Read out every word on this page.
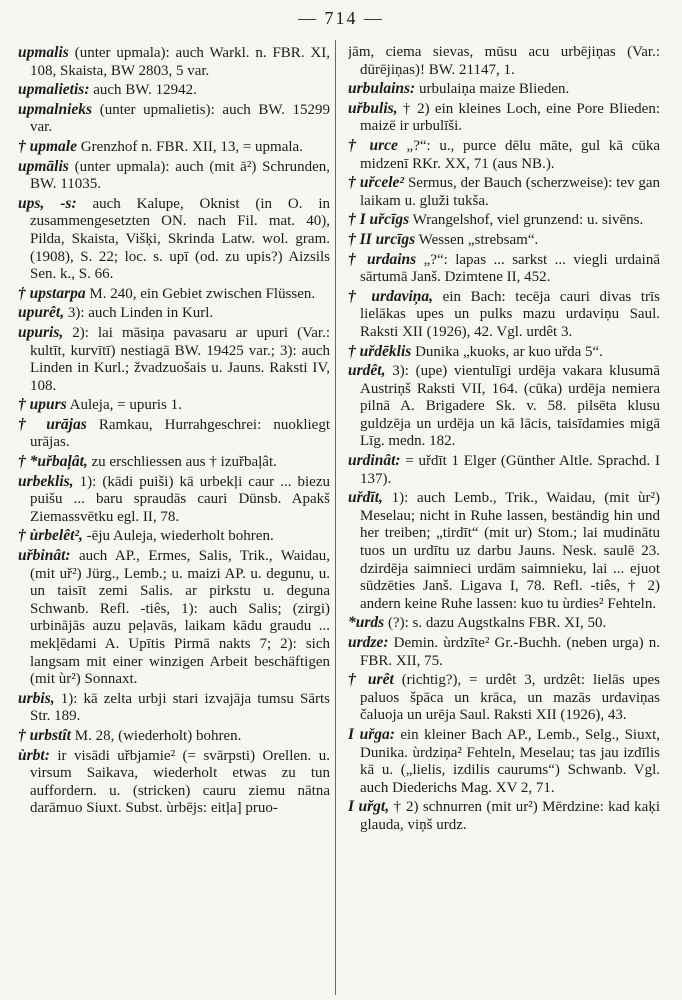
— 714 —

upmalis (unter upmala): auch Warkl. n. FBR. XI, 108, Skaista, BW 2803, 5 var.

upmalietis: auch BW. 12942.

upmalnieks (unter upmalietis): auch BW. 15299 var.

† upmale Grenzhof n. FBR. XII, 13, = upmala.

upmālis (unter upmala): auch (mit ā²) Schrunden, BW. 11035.

ups, -s: auch Kalupe, Oknist (in O. in zusammengesetzten ON. nach Fil. mat. 40), Pilda, Skaista, Višķi, Skrinda Latw. wol. gram. (1908), S. 22; loc. s. upī (od. zu upis?) Aizsils Sen. k., S. 66.

† upstarpa M. 240, ein Gebiet zwischen Flüssen.

upurêt, 3): auch Linden in Kurl.

upuris, 2): lai māsiņa pavasaru ar upuri (Var.: kultīt, kurvītī) nestiagā BW. 19425 var.; 3): auch Linden in Kurl.; žvadzuošais u. Jauns. Raksti IV, 108.

† upurs Auleja, = upuris 1.

† urājas Ramkau, Hurrahgeschrei: nuokliegt urājas.

† *uřbaļât, zu erschliessen aus † izuřbaļât.

urbeklis, 1): (kādi puiši) kā urbekļi caur ... biezu puišu ... baru spraudās cauri Dünsb. Apakš Ziemassvētku egl. II, 78.

† ùrbelêt², -ēju Auleja, wiederholt bohren.

uřbinât: auch AP., Ermes, Salis, Trik., Waidau, (mit uř²) Jürg., Lemb.; u. maizi AP. u. degunu, u. un taisīt zemi Salis. ar pirkstu u. deguna Schwanb. Refl. -tiês, 1): auch Salis; (zirgi) urbinājās auzu peļavās, laikam kādu graudu ... mekļēdami A. Upītis Pirmā nakts 7; 2): sich langsam mit einer winzigen Arbeit beschäftigen (mit ùr²) Sonnaxt.

urbis, 1): kā zelta urbji stari izvajāja tumsu Sārts Str. 189.

† urbstît M. 28, (wiederholt) bohren.

ùrbt: ir visādi uřbjamie² (= svārpsti) Orellen. u. virsum Saikava, wiederholt etwas zu tun auffordern. u. (stricken) cauru ziemu nātna darāmuo Siuxt. Subst. ùrbējs: eitļa] pruo-

jām, ciema sievas, mūsu acu urbējiņas (Var.: dūrējiņas)! BW. 21147, 1.

urbulains: urbulaiņa maize Blieden.

uřbulis, † 2) ein kleines Loch, eine Pore Blieden: maizē ir urbulīši.

† urce „?“: u., purce dēlu māte, gul kā cūka midzenī RKr. XX, 71 (aus NB.).

† uřcele² Sermus, der Bauch (scherzweise): tev gan laikam u. gluži tukša.

† I uřcīgs Wrangelshof, viel grunzend: u. sivēns.

† II urcīgs Wessen „strebsam“.

† urdains „?“: lapas ... sarkst ... viegli urdainā sārtumā Janš. Dzimtene II, 452.

† urdaviņa, ein Bach: tecēja cauri divas trīs lielākas upes un pulks mazu urdaviņu Saul. Raksti XII (1926), 42. Vgl. urdêt 3.

† uřdēklis Dunika „kuoks, ar kuo uřda 5“.

urdêt, 3): (upe) vientulīgi urdēja vakara klusumā Austriņš Raksti VII, 164. (cūka) urdēja nemiera pilnā A. Brigadere Sk. v. 58. pilsēta klusu guldzēja un urdēja un kā lācis, taisīdamies migā Līg. medn. 182.

urdinât: = uřdīt 1 Elger (Günther Altle. Sprachd. I 137).

uřdīt, 1): auch Lemb., Trik., Waidau, (mit ùr²) Meselau; nicht in Ruhe lassen, beständig hin und her treiben; „tirdīt“ (mit ur) Stom.; lai mudinātu tuos un urdītu uz darbu Jauns. Nesk. saulē 23. dzirdēja saimnieci urdām saimnieku, lai ... ejuot sūdzēties Janš. Ligava I, 78. Refl. -tiês, † 2) andern keine Ruhe lassen: kuo tu ùrdies² Fehteln.

*urds (?): s. dazu Augstkalns FBR. XI, 50.

urdze: Demin. ùrdzīte² Gr.-Buchh. (neben urga) n. FBR. XII, 75.

† urêt (richtig?), = urdêt 3, urdzêt: lielās upes paluos špāca un krāca, un mazās urdaviņas čaluoja un urēja Saul. Raksti XII (1926), 43.

I uřga: ein kleiner Bach AP., Lemb., Selg., Siuxt, Dunika. ùrdziņa² Fehteln, Meselau; tas jau izdīlis kā u. („lielis, izdilis caurums“) Schwanb. Vgl. auch Diederichs Mag. XV 2, 71.

I uřgt, † 2) schnurren (mit ur²) Mērdzine: kad kaķi glauda, viņš urdz.
